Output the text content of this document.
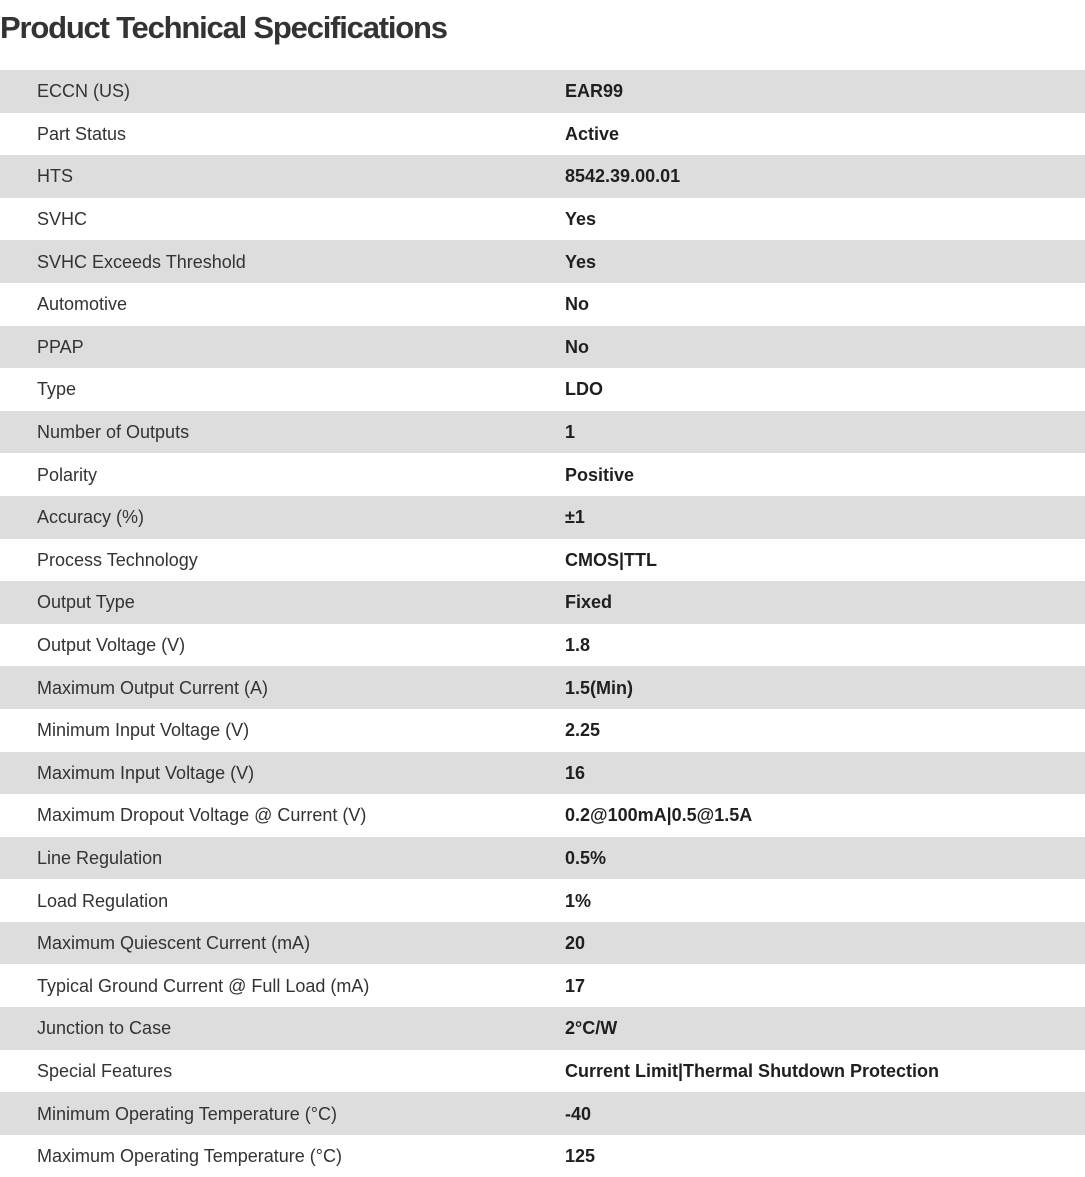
Product Technical Specifications
ECCN (US)	EAR99
Part Status	Active
HTS	8542.39.00.01
SVHC	Yes
SVHC Exceeds Threshold	Yes
Automotive	No
PPAP	No
Type	LDO
Number of Outputs	1
Polarity	Positive
Accuracy (%)	±1
Process Technology	CMOS|TTL
Output Type	Fixed
Output Voltage (V)	1.8
Maximum Output Current (A)	1.5(Min)
Minimum Input Voltage (V)	2.25
Maximum Input Voltage (V)	16
Maximum Dropout Voltage @ Current (V)	0.2@100mA|0.5@1.5A
Line Regulation	0.5%
Load Regulation	1%
Maximum Quiescent Current (mA)	20
Typical Ground Current @ Full Load (mA)	17
Junction to Case	2°C/W
Special Features	Current Limit|Thermal Shutdown Protection
Minimum Operating Temperature (°C)	-40
Maximum Operating Temperature (°C)	125
